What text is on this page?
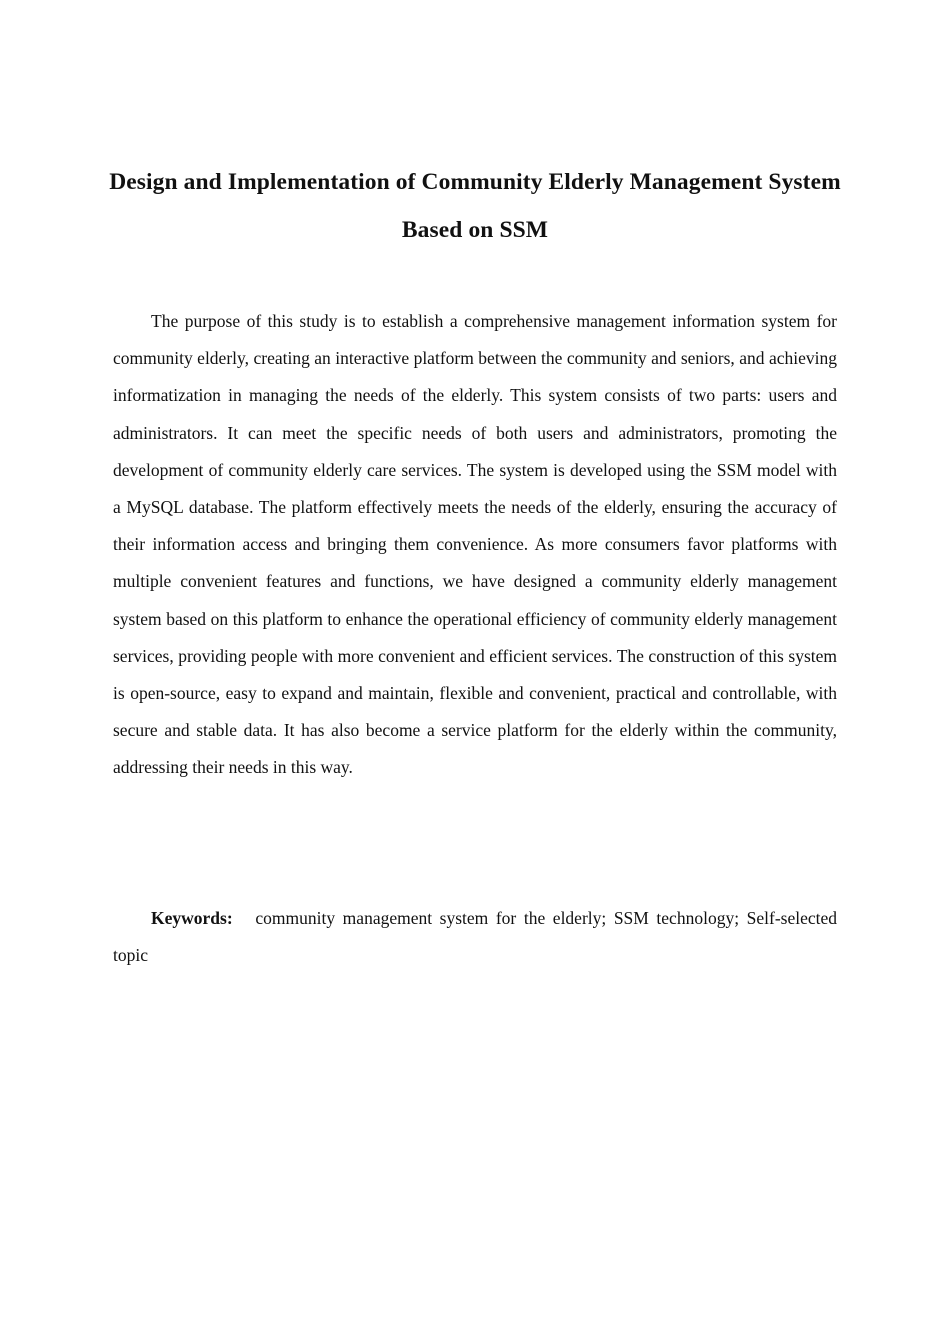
Design and Implementation of Community Elderly Management System Based on SSM

The purpose of this study is to establish a comprehensive management information system for community elderly, creating an interactive platform between the community and seniors, and achieving informatization in managing the needs of the elderly. This system consists of two parts: users and administrators. It can meet the specific needs of both users and administrators, promoting the development of community elderly care services. The system is developed using the SSM model with a MySQL database. The platform effectively meets the needs of the elderly, ensuring the accuracy of their information access and bringing them convenience. As more consumers favor platforms with multiple convenient features and functions, we have designed a community elderly management system based on this platform to enhance the operational efficiency of community elderly management services, providing people with more convenient and efficient services. The construction of this system is open-source, easy to expand and maintain, flexible and convenient, practical and controllable, with secure and stable data. It has also become a service platform for the elderly within the community, addressing their needs in this way.

Keywords: community management system for the elderly; SSM technology; Self-selected topic
